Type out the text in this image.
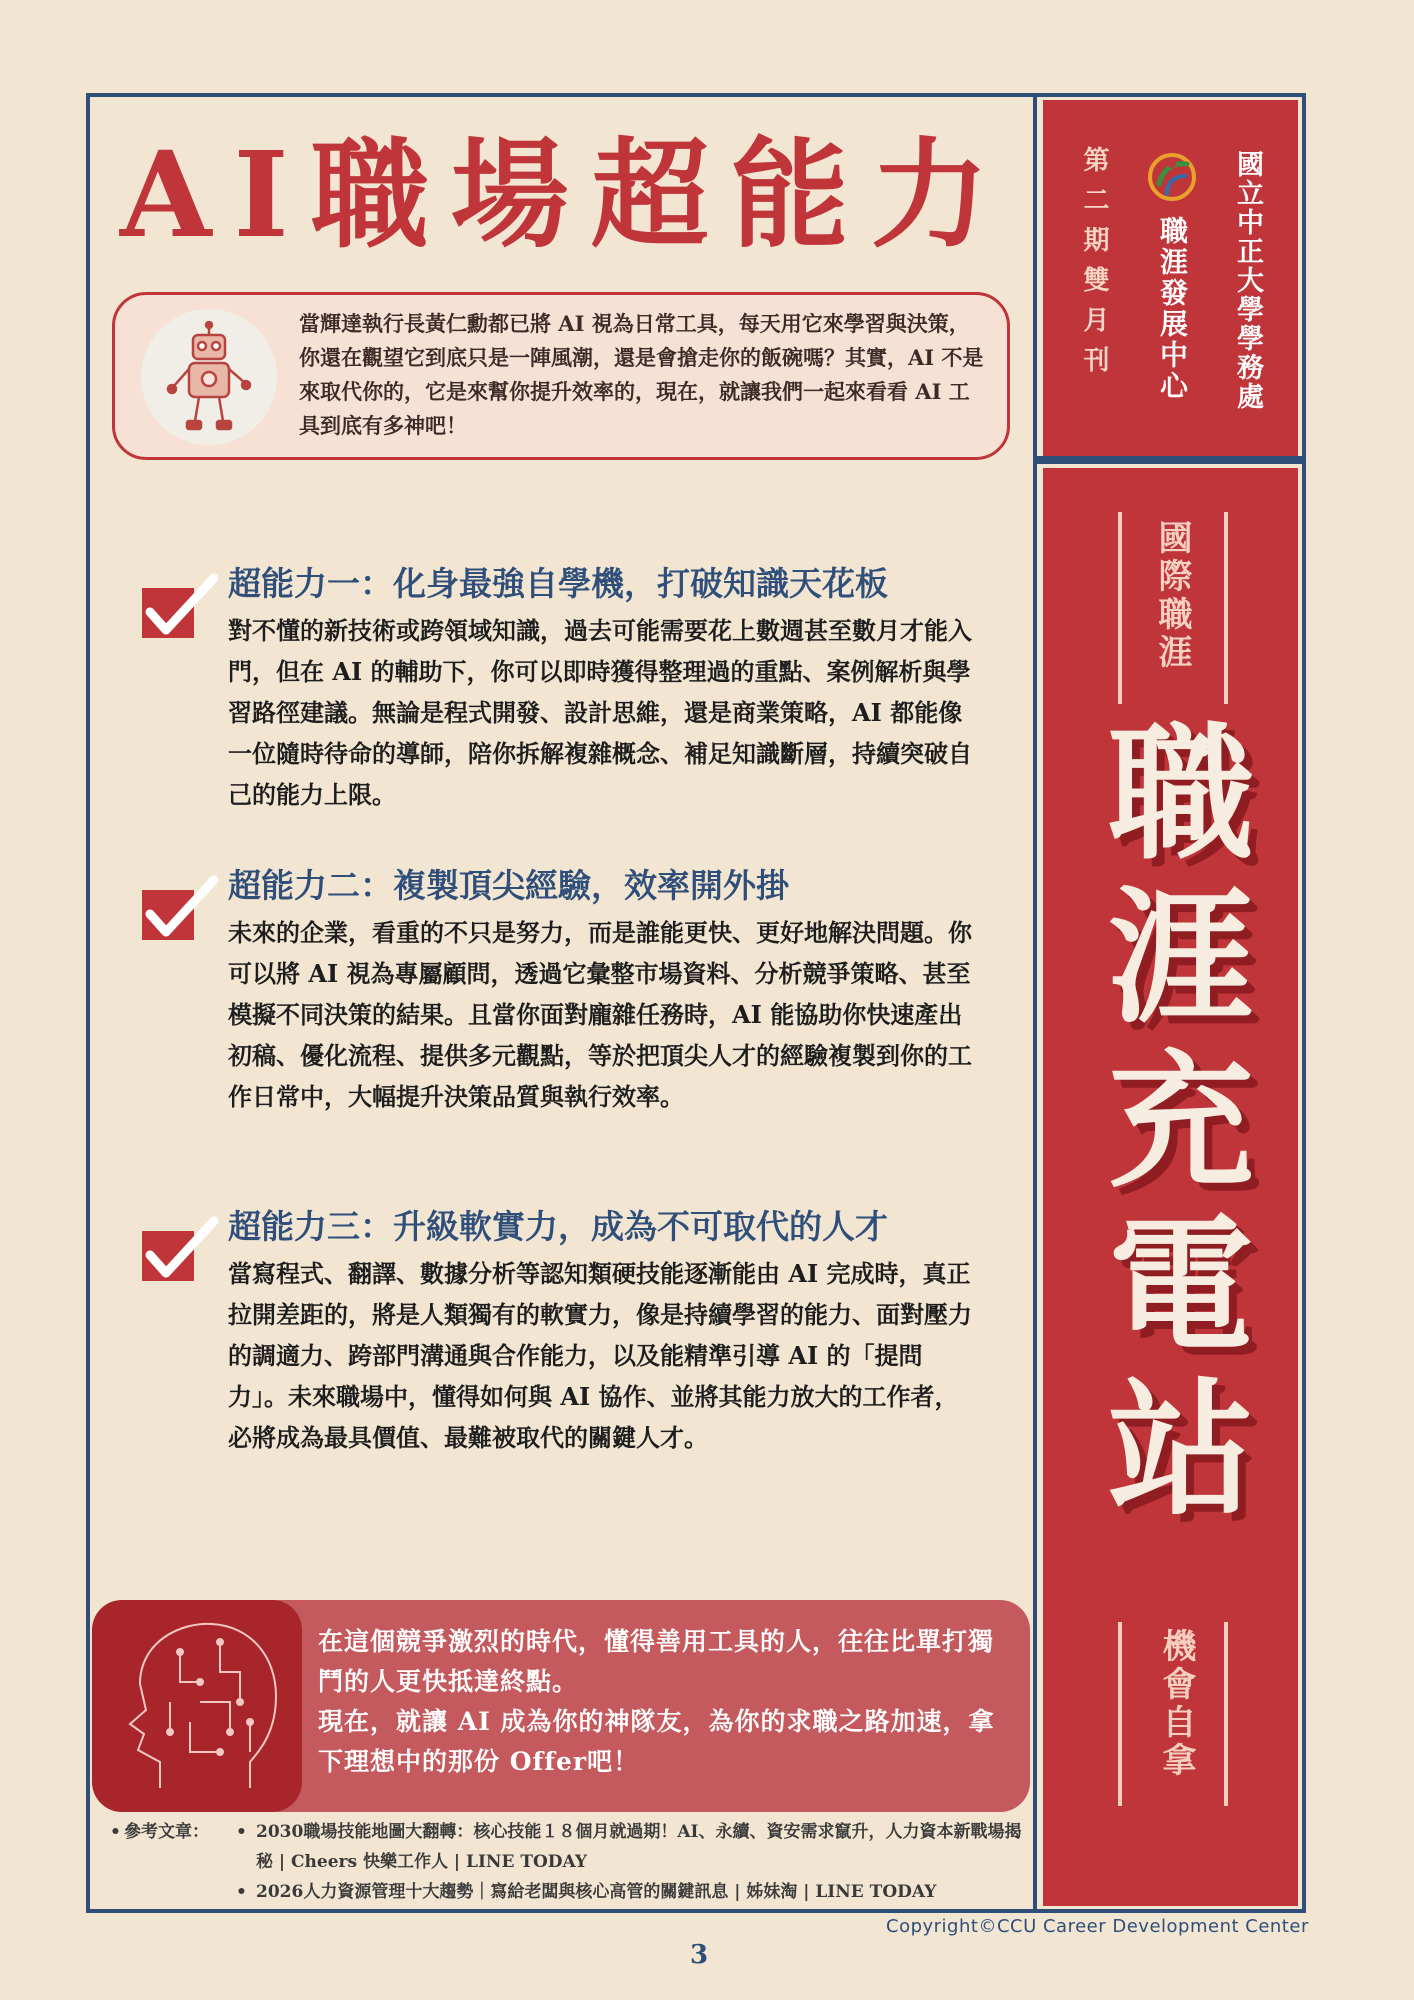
AI職場超能力
當輝達執行長黃仁勳都已將 AI 視為日常工具，每天用它來學習與決策，你還在觀望它到底只是一陣風潮，還是會搶走你的飯碗嗎？其實，AI 不是來取代你的，它是來幫你提升效率的，現在，就讓我們一起來看看 AI 工具到底有多神吧！
超能力一：化身最強自學機，打破知識天花板
對不懂的新技術或跨領域知識，過去可能需要花上數週甚至數月才能入門，但在 AI 的輔助下，你可以即時獲得整理過的重點、案例解析與學習路徑建議。無論是程式開發、設計思維，還是商業策略，AI 都能像一位隨時待命的導師，陪你拆解複雜概念、補足知識斷層，持續突破自己的能力上限。
超能力二：複製頂尖經驗，效率開外掛
未來的企業，看重的不只是努力，而是誰能更快、更好地解決問題。你可以將 AI 視為專屬顧問，透過它彙整市場資料、分析競爭策略、甚至模擬不同決策的結果。且當你面對龐雜任務時，AI 能協助你快速產出初稿、優化流程、提供多元觀點，等於把頂尖人才的經驗複製到你的工作日常中，大幅提升決策品質與執行效率。
超能力三：升級軟實力，成為不可取代的人才
當寫程式、翻譯、數據分析等認知類硬技能逐漸能由 AI 完成時，真正拉開差距的，將是人類獨有的軟實力，像是持續學習的能力、面對壓力的調適力、跨部門溝通與合作能力，以及能精準引導 AI 的「提問力」。未來職場中，懂得如何與 AI 協作、並將其能力放大的工作者，必將成為最具價值、最難被取代的關鍵人才。
在這個競爭激烈的時代，懂得善用工具的人，往往比單打獨鬥的人更快抵達終點。
現在，就讓 AI 成為你的神隊友，為你的求職之路加速，拿下理想中的那份 Offer吧！
• 參考文章：
•	2030職場技能地圖大翻轉：核心技能１８個月就過期！AI、永續、資安需求竄升，人力資本新戰場揭秘 | Cheers 快樂工作人 | LINE TODAY
• 2026人力資源管理十大趨勢｜寫給老闆與核心高管的關鍵訊息 | 姊妹淘 | LINE TODAY
國立中正大學學務處
職涯發展中心
第二期雙月刊
國際職涯
職涯充電站
機會自拿
Copyright©CCU Career Development Center
3
